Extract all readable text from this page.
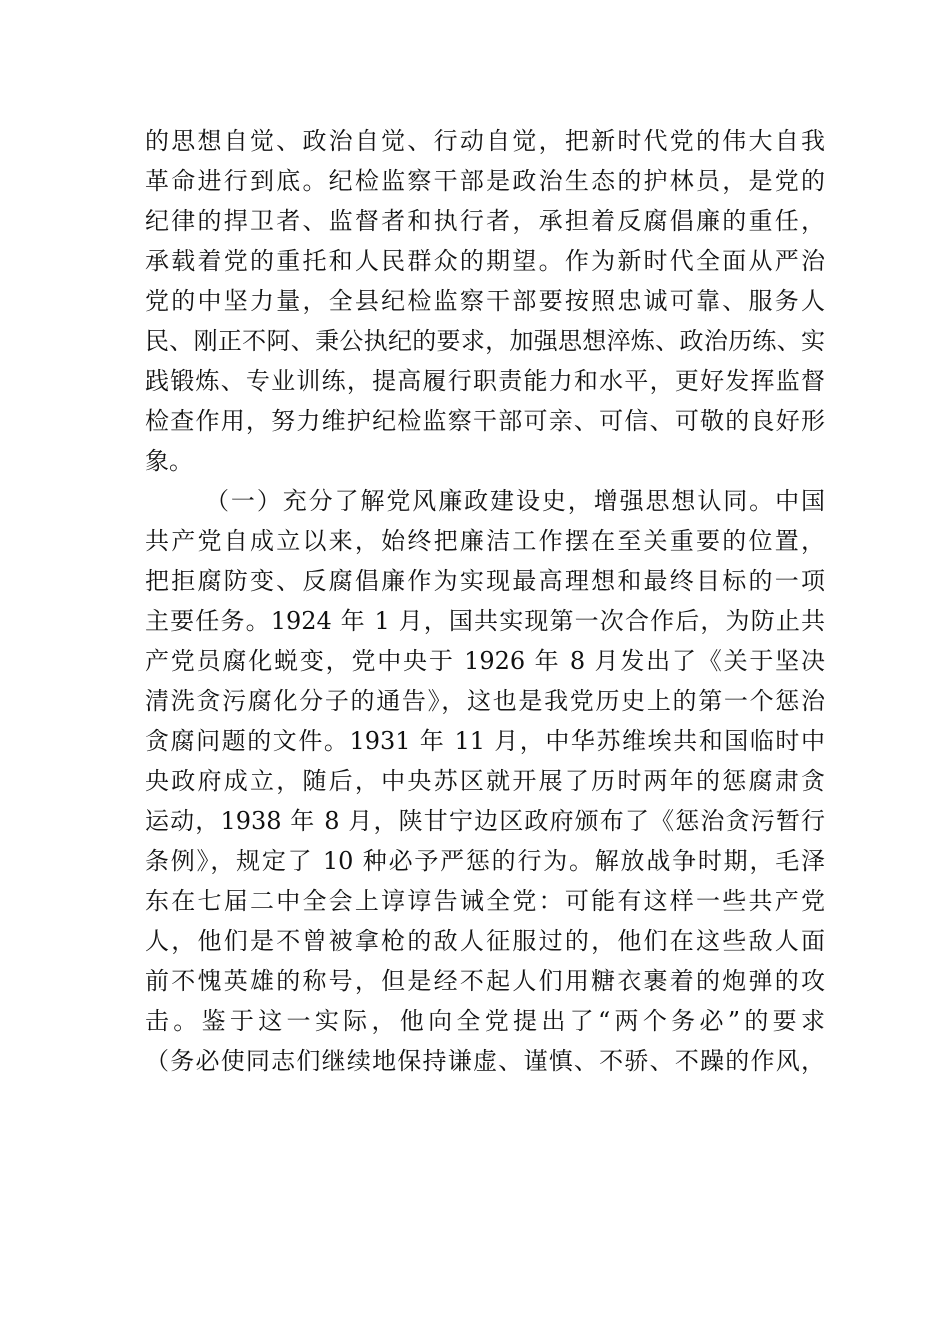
的思想自觉、政治自觉、行动自觉，把新时代党的伟大自我
革命进行到底。纪检监察干部是政治生态的护林员，是党的
纪律的捍卫者、监督者和执行者，承担着反腐倡廉的重任，
承载着党的重托和人民群众的期望。作为新时代全面从严治
党的中坚力量，全县纪检监察干部要按照忠诚可靠、服务人
民、刚正不阿、秉公执纪的要求，加强思想淬炼、政治历练、实
践锻炼、专业训练，提高履行职责能力和水平，更好发挥监督
检查作用，努力维护纪检监察干部可亲、可信、可敬的良好形
象。
（一）充分了解党风廉政建设史，增强思想认同。中国
共产党自成立以来，始终把廉洁工作摆在至关重要的位置，
把拒腐防变、反腐倡廉作为实现最高理想和最终目标的一项
主要任务。1924 年 1 月，国共实现第一次合作后，为防止共
产党员腐化蜕变，党中央于 1926 年 8 月发出了《关于坚决
清洗贪污腐化分子的通告》，这也是我党历史上的第一个惩治
贪腐问题的文件。1931 年 11 月，中华苏维埃共和国临时中
央政府成立，随后，中央苏区就开展了历时两年的惩腐肃贪
运动，1938 年 8 月，陕甘宁边区政府颁布了《惩治贪污暂行
条例》，规定了 10 种必予严惩的行为。解放战争时期，毛泽
东在七届二中全会上谆谆告诫全党：可能有这样一些共产党
人，他们是不曾被拿枪的敌人征服过的，他们在这些敌人面
前不愧英雄的称号，但是经不起人们用糖衣裹着的炮弹的攻
击。鉴于这一实际，他向全党提出了“两个务必”的要求
（务必使同志们继续地保持谦虚、谨慎、不骄、不躁的作风，
